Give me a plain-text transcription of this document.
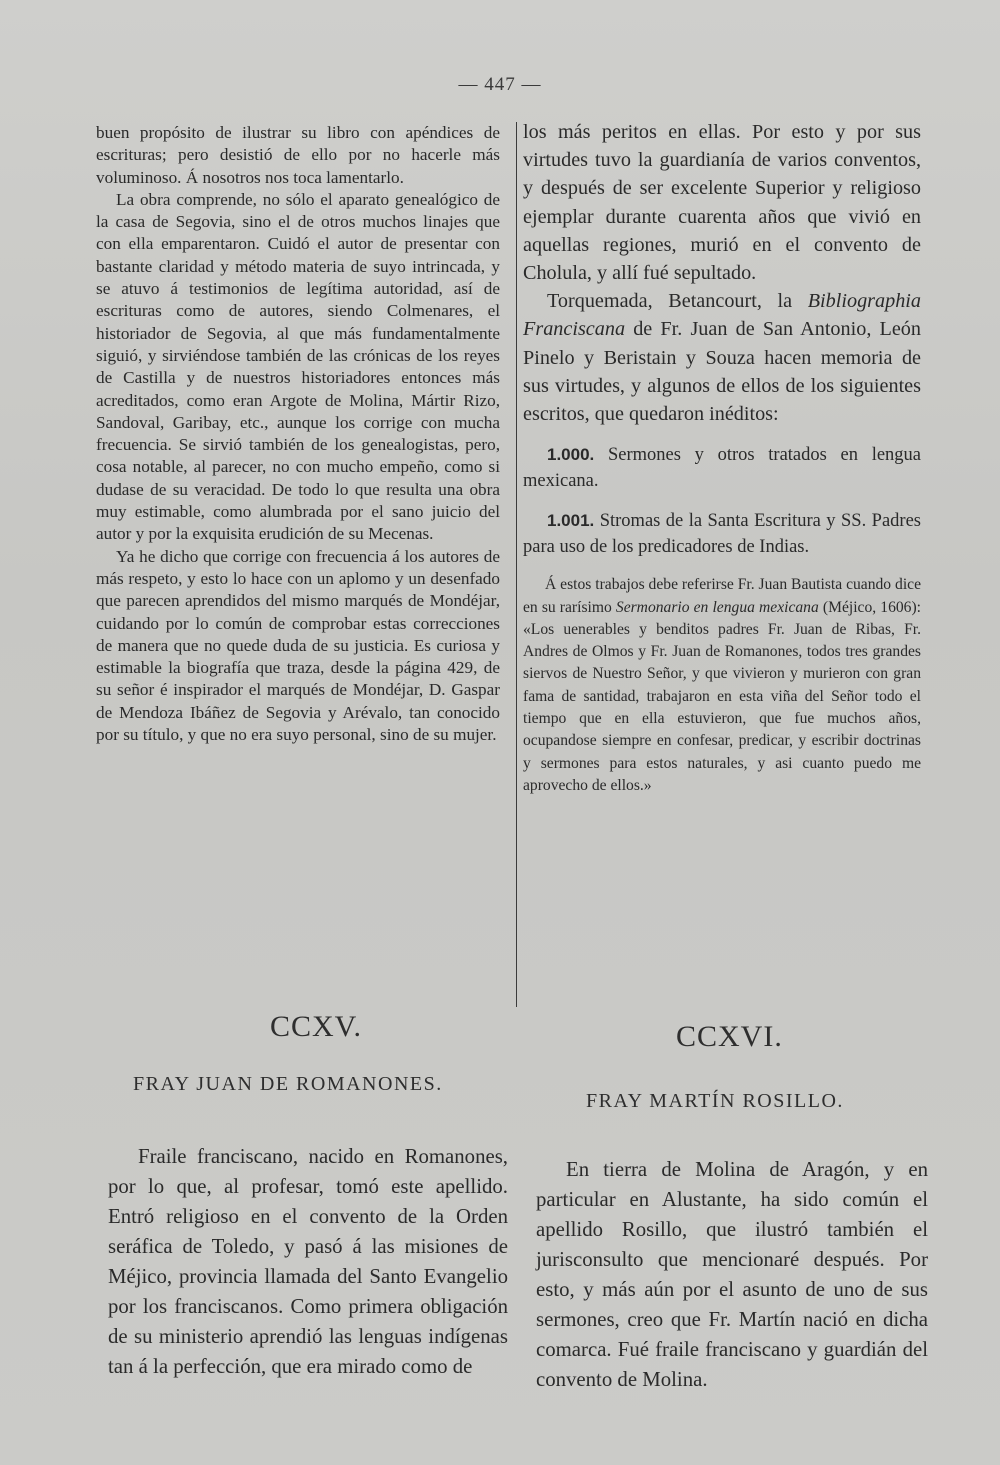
— 447 —

buen propósito de ilustrar su libro con apéndices de escrituras; pero desistió de ello por no hacerle más voluminoso. Á nosotros nos toca lamentarlo.

La obra comprende, no sólo el aparato genealógico de la casa de Segovia, sino el de otros muchos linajes que con ella emparentaron. Cuidó el autor de presentar con bastante claridad y método materia de suyo intrincada, y se atuvo á testimonios de legítima autoridad, así de escrituras como de autores, siendo Colmenares, el historiador de Segovia, al que más fundamentalmente siguió, y sirviéndose también de las crónicas de los reyes de Castilla y de nuestros historiadores entonces más acreditados, como eran Argote de Molina, Mártir Rizo, Sandoval, Garibay, etc., aunque los corrige con mucha frecuencia. Se sirvió también de los genealogistas, pero, cosa notable, al parecer, no con mucho empeño, como si dudase de su veracidad. De todo lo que resulta una obra muy estimable, como alumbrada por el sano juicio del autor y por la exquisita erudición de su Mecenas.

Ya he dicho que corrige con frecuencia á los autores de más respeto, y esto lo hace con un aplomo y un desenfado que parecen aprendidos del mismo marqués de Mondéjar, cuidando por lo común de comprobar estas correcciones de manera que no quede duda de su justicia. Es curiosa y estimable la biografía que traza, desde la página 429, de su señor é inspirador el marqués de Mondéjar, D. Gaspar de Mendoza Ibáñez de Segovia y Arévalo, tan conocido por su título, y que no era suyo personal, sino de su mujer.

los más peritos en ellas. Por esto y por sus virtudes tuvo la guardianía de varios conventos, y después de ser excelente Superior y religioso ejemplar durante cuarenta años que vivió en aquellas regiones, murió en el convento de Cholula, y allí fué sepultado.

Torquemada, Betancourt, la Bibliographia Franciscana de Fr. Juan de San Antonio, León Pinelo y Beristain y Souza hacen memoria de sus virtudes, y algunos de ellos de los siguientes escritos, que quedaron inéditos:

1.000. Sermones y otros tratados en lengua mexicana.

1.001. Stromas de la Santa Escritura y SS. Padres para uso de los predicadores de Indias.

Á estos trabajos debe referirse Fr. Juan Bautista cuando dice en su rarísimo Sermonario en lengua mexicana (Méjico, 1606): «Los uenerables y benditos padres Fr. Juan de Ribas, Fr. Andres de Olmos y Fr. Juan de Romanones, todos tres grandes siervos de Nuestro Señor, y que vivieron y murieron con gran fama de santidad, trabajaron en esta viña del Señor todo el tiempo que en ella estuvieron, que fue muchos años, ocupandose siempre en confesar, predicar, y escribir doctrinas y sermones para estos naturales, y asi cuanto puedo me aprovecho de ellos.»

CCXV.
FRAY JUAN DE ROMANONES.

Fraile franciscano, nacido en Romanones, por lo que, al profesar, tomó este apellido. Entró religioso en el convento de la Orden seráfica de Toledo, y pasó á las misiones de Méjico, provincia llamada del Santo Evangelio por los franciscanos. Como primera obligación de su ministerio aprendió las lenguas indígenas tan á la perfección, que era mirado como de

CCXVI.
FRAY MARTÍN ROSILLO.

En tierra de Molina de Aragón, y en particular en Alustante, ha sido común el apellido Rosillo, que ilustró también el jurisconsulto que mencionaré después. Por esto, y más aún por el asunto de uno de sus sermones, creo que Fr. Martín nació en dicha comarca. Fué fraile franciscano y guardián del convento de Molina.
